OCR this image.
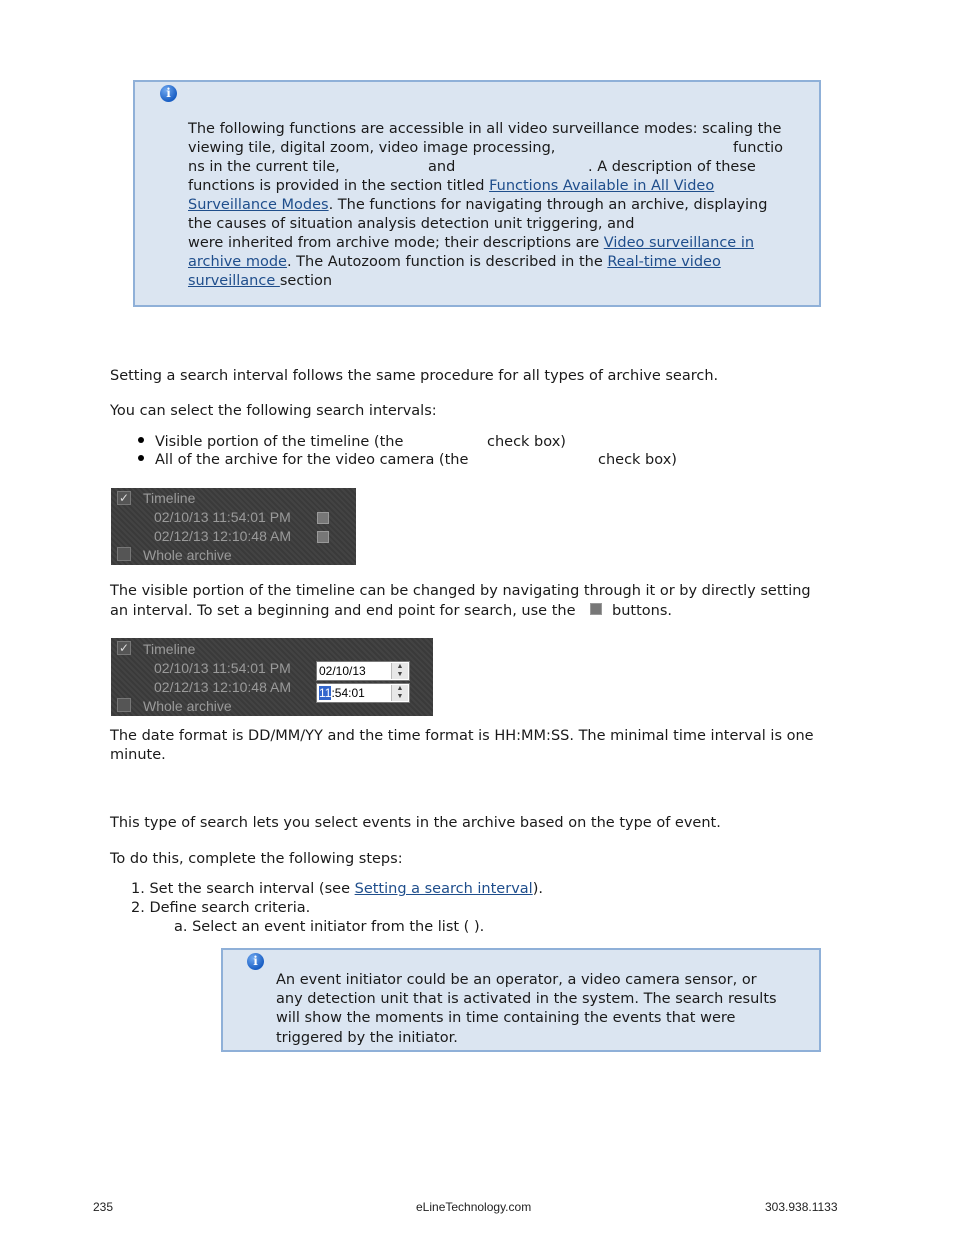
i
The following functions are accessible in all video surveillance modes: scaling the
viewing tile, digital zoom, video image processing,	functio
ns in the current tile,	and	. A description of these
functions is provided in the section titled Functions Available in All Video
Surveillance Modes. The functions for navigating through an archive, displaying
the causes of situation analysis detection unit triggering, and
were inherited from archive mode; their descriptions are Video surveillance in
archive mode. The Autozoom function is described in the Real-time video
surveillance section
Setting a search interval follows the same procedure for all types of archive search.
You can select the following search intervals:
Visible portion of the timeline (the	check box)
All of the archive for the video camera (the	check box)
✓ Timeline
02/10/13 11:54:01 PM
02/12/13 12:10:48 AM
Whole archive
The visible portion of the timeline can be changed by navigating through it or by directly setting
an interval. To set a beginning and end point for search, use the	buttons.
✓ Timeline
02/10/13 11:54:01 PM
02/12/13 12:10:48 AM
02/10/13	▲
▼
11:54:01	▲
▼
Whole archive
The date format is DD/MM/YY and the time format is HH:MM:SS. The minimal time interval is one
minute.
This type of search lets you select events in the archive based on the type of event.
To do this, complete the following steps:
1. Set the search interval (see Setting a search interval).
2. Define search criteria.
a. Select an event initiator from the list ( ).
i
An event initiator could be an operator, a video camera sensor, or
any detection unit that is activated in the system. The search results
will show the moments in time containing the events that were
triggered by the initiator.
235	eLineTechnology.com	303.938.1133
